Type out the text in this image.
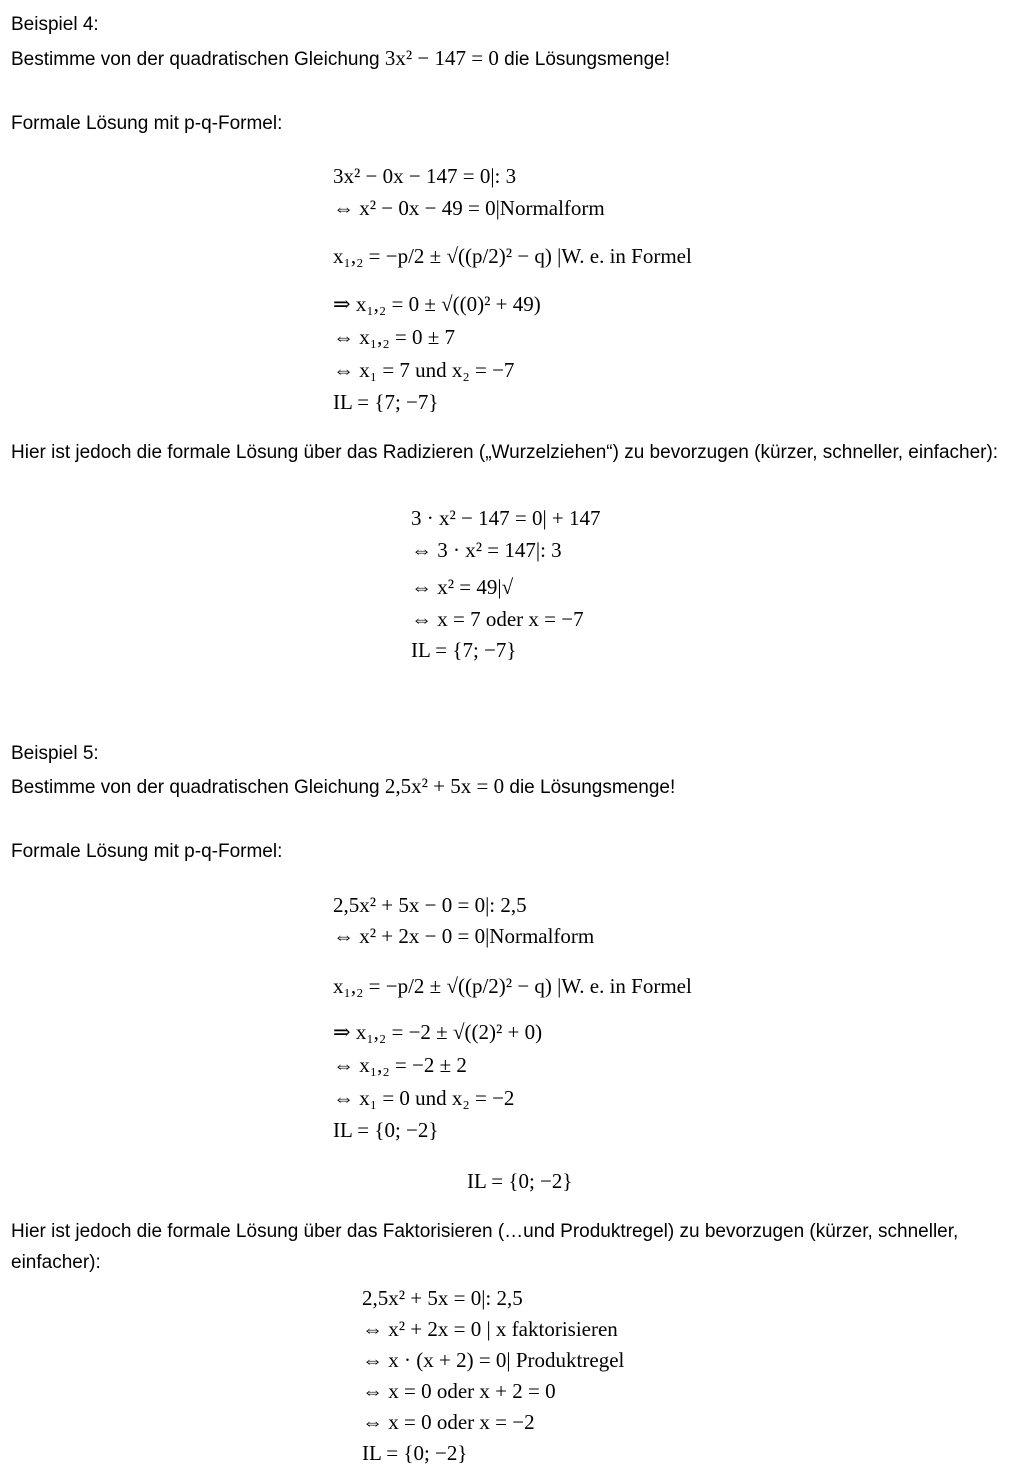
Beispiel 4:
Bestimme von der quadratischen Gleichung 3x² − 147 = 0 die Lösungsmenge!
Formale Lösung mit p-q-Formel:
3x² − 0x − 147 = 0|: 3
⇔ x² − 0x − 49 = 0|Normalform
x₁,₂ = −p/2 ± √((p/2)² − q) |W. e. in Formel
⇒ x₁,₂ = 0 ± √((0)² + 49)
⇔ x₁,₂ = 0 ± 7
⇔ x₁ = 7 und x₂ = −7
IL = {7; −7}
Hier ist jedoch die formale Lösung über das Radizieren („Wurzelziehen“) zu bevorzugen (kürzer, schneller, einfacher):
3 · x² − 147 = 0| + 147
⇔ 3 · x² = 147|: 3
⇔ x² = 49|√
⇔ x = 7 oder x = −7
IL = {7; −7}
Beispiel 5:
Bestimme von der quadratischen Gleichung 2,5x² + 5x = 0 die Lösungsmenge!
Formale Lösung mit p-q-Formel:
2,5x² + 5x − 0 = 0|: 2,5
⇔ x² + 2x − 0 = 0|Normalform
x₁,₂ = −p/2 ± √((p/2)² − q) |W. e. in Formel
⇒ x₁,₂ = −2 ± √((2)² + 0)
⇔ x₁,₂ = −2 ± 2
⇔ x₁ = 0 und x₂ = −2
IL = {0; −2}
IL = {0; −2}
Hier ist jedoch die formale Lösung über das Faktorisieren (…und Produktregel) zu bevorzugen (kürzer, schneller, einfacher):
2,5x² + 5x = 0|: 2,5
⇔ x² + 2x = 0 | x faktorisieren
⇔ x · (x + 2) = 0| Produktregel
⇔ x = 0 oder x + 2 = 0
⇔ x = 0 oder x = −2
IL = {0; −2}
